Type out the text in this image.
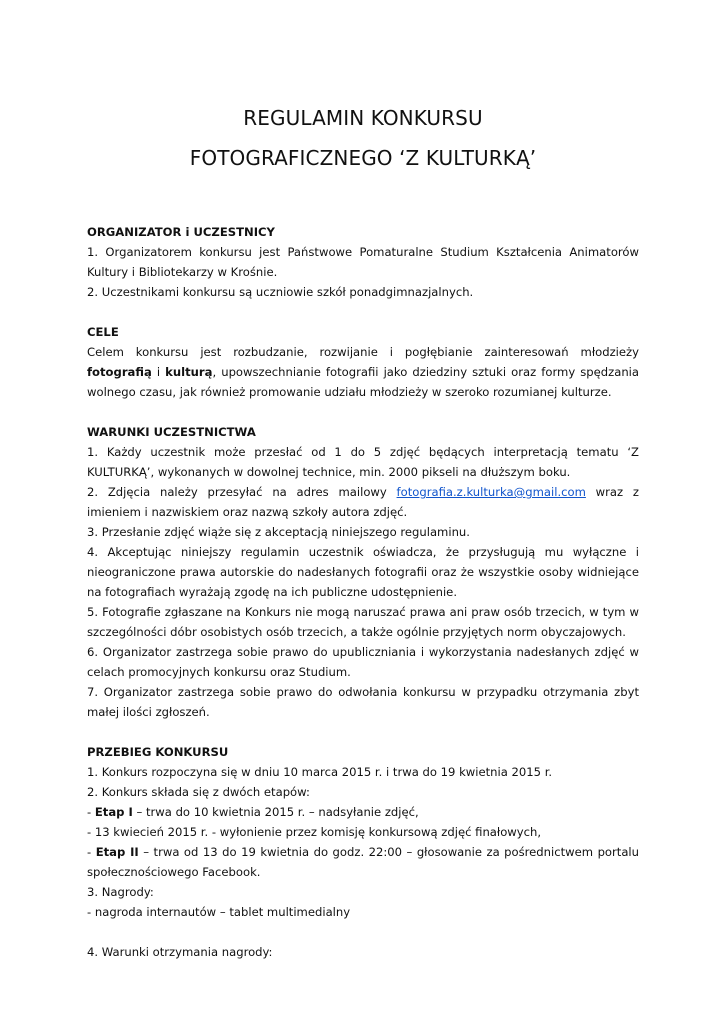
REGULAMIN KONKURSU
FOTOGRAFICZNEGO ‘Z KULTURKĄ’

ORGANIZATOR i UCZESTNICY

1. Organizatorem konkursu jest Państwowe Pomaturalne Studium Kształcenia Animatorów Kultury i Bibliotekarzy w Krośnie.

2. Uczestnikami konkursu są uczniowie szkół ponadgimnazjalnych.

CELE

Celem konkursu jest rozbudzanie, rozwijanie i pogłębianie zainteresowań młodzieży fotografią i kulturą, upowszechnianie fotografii jako dziedziny sztuki oraz formy spędzania wolnego czasu, jak również promowanie udziału młodzieży w szeroko rozumianej kulturze.

WARUNKI UCZESTNICTWA

1. Każdy uczestnik może przesłać od 1 do 5 zdjęć będących interpretacją tematu ‘Z KULTURKĄ’, wykonanych w dowolnej technice, min. 2000 pikseli na dłuższym boku.

2. Zdjęcia należy przesyłać na adres mailowy fotografia.z.kulturka@gmail.com wraz z imieniem i nazwiskiem oraz nazwą szkoły autora zdjęć.

3. Przesłanie zdjęć wiąże się z akceptacją niniejszego regulaminu.

4. Akceptując niniejszy regulamin uczestnik oświadcza, że przysługują mu wyłączne i nieograniczone prawa autorskie do nadesłanych fotografii oraz że wszystkie osoby widniejące na fotografiach wyrażają zgodę na ich publiczne udostępnienie.

5. Fotografie zgłaszane na Konkurs nie mogą naruszać prawa ani praw osób trzecich, w tym w szczególności dóbr osobistych osób trzecich, a także ogólnie przyjętych norm obyczajowych.

6. Organizator zastrzega sobie prawo do upubliczniania i wykorzystania nadesłanych zdjęć w celach promocyjnych konkursu oraz Studium.

7. Organizator zastrzega sobie prawo do odwołania konkursu w przypadku otrzymania zbyt małej ilości zgłoszeń.

PRZEBIEG KONKURSU

1. Konkurs rozpoczyna się w dniu 10 marca 2015 r. i trwa do 19 kwietnia 2015 r.

2. Konkurs składa się z dwóch etapów:

- Etap I – trwa do 10 kwietnia 2015 r. – nadsyłanie zdjęć,

- 13 kwiecień 2015 r. - wyłonienie przez komisję konkursową zdjęć finałowych,

- Etap II – trwa od 13 do 19 kwietnia do godz. 22:00 – głosowanie za pośrednictwem portalu społecznościowego Facebook.

3. Nagrody:

- nagroda internautów – tablet multimedialny

4. Warunki otrzymania nagrody:
